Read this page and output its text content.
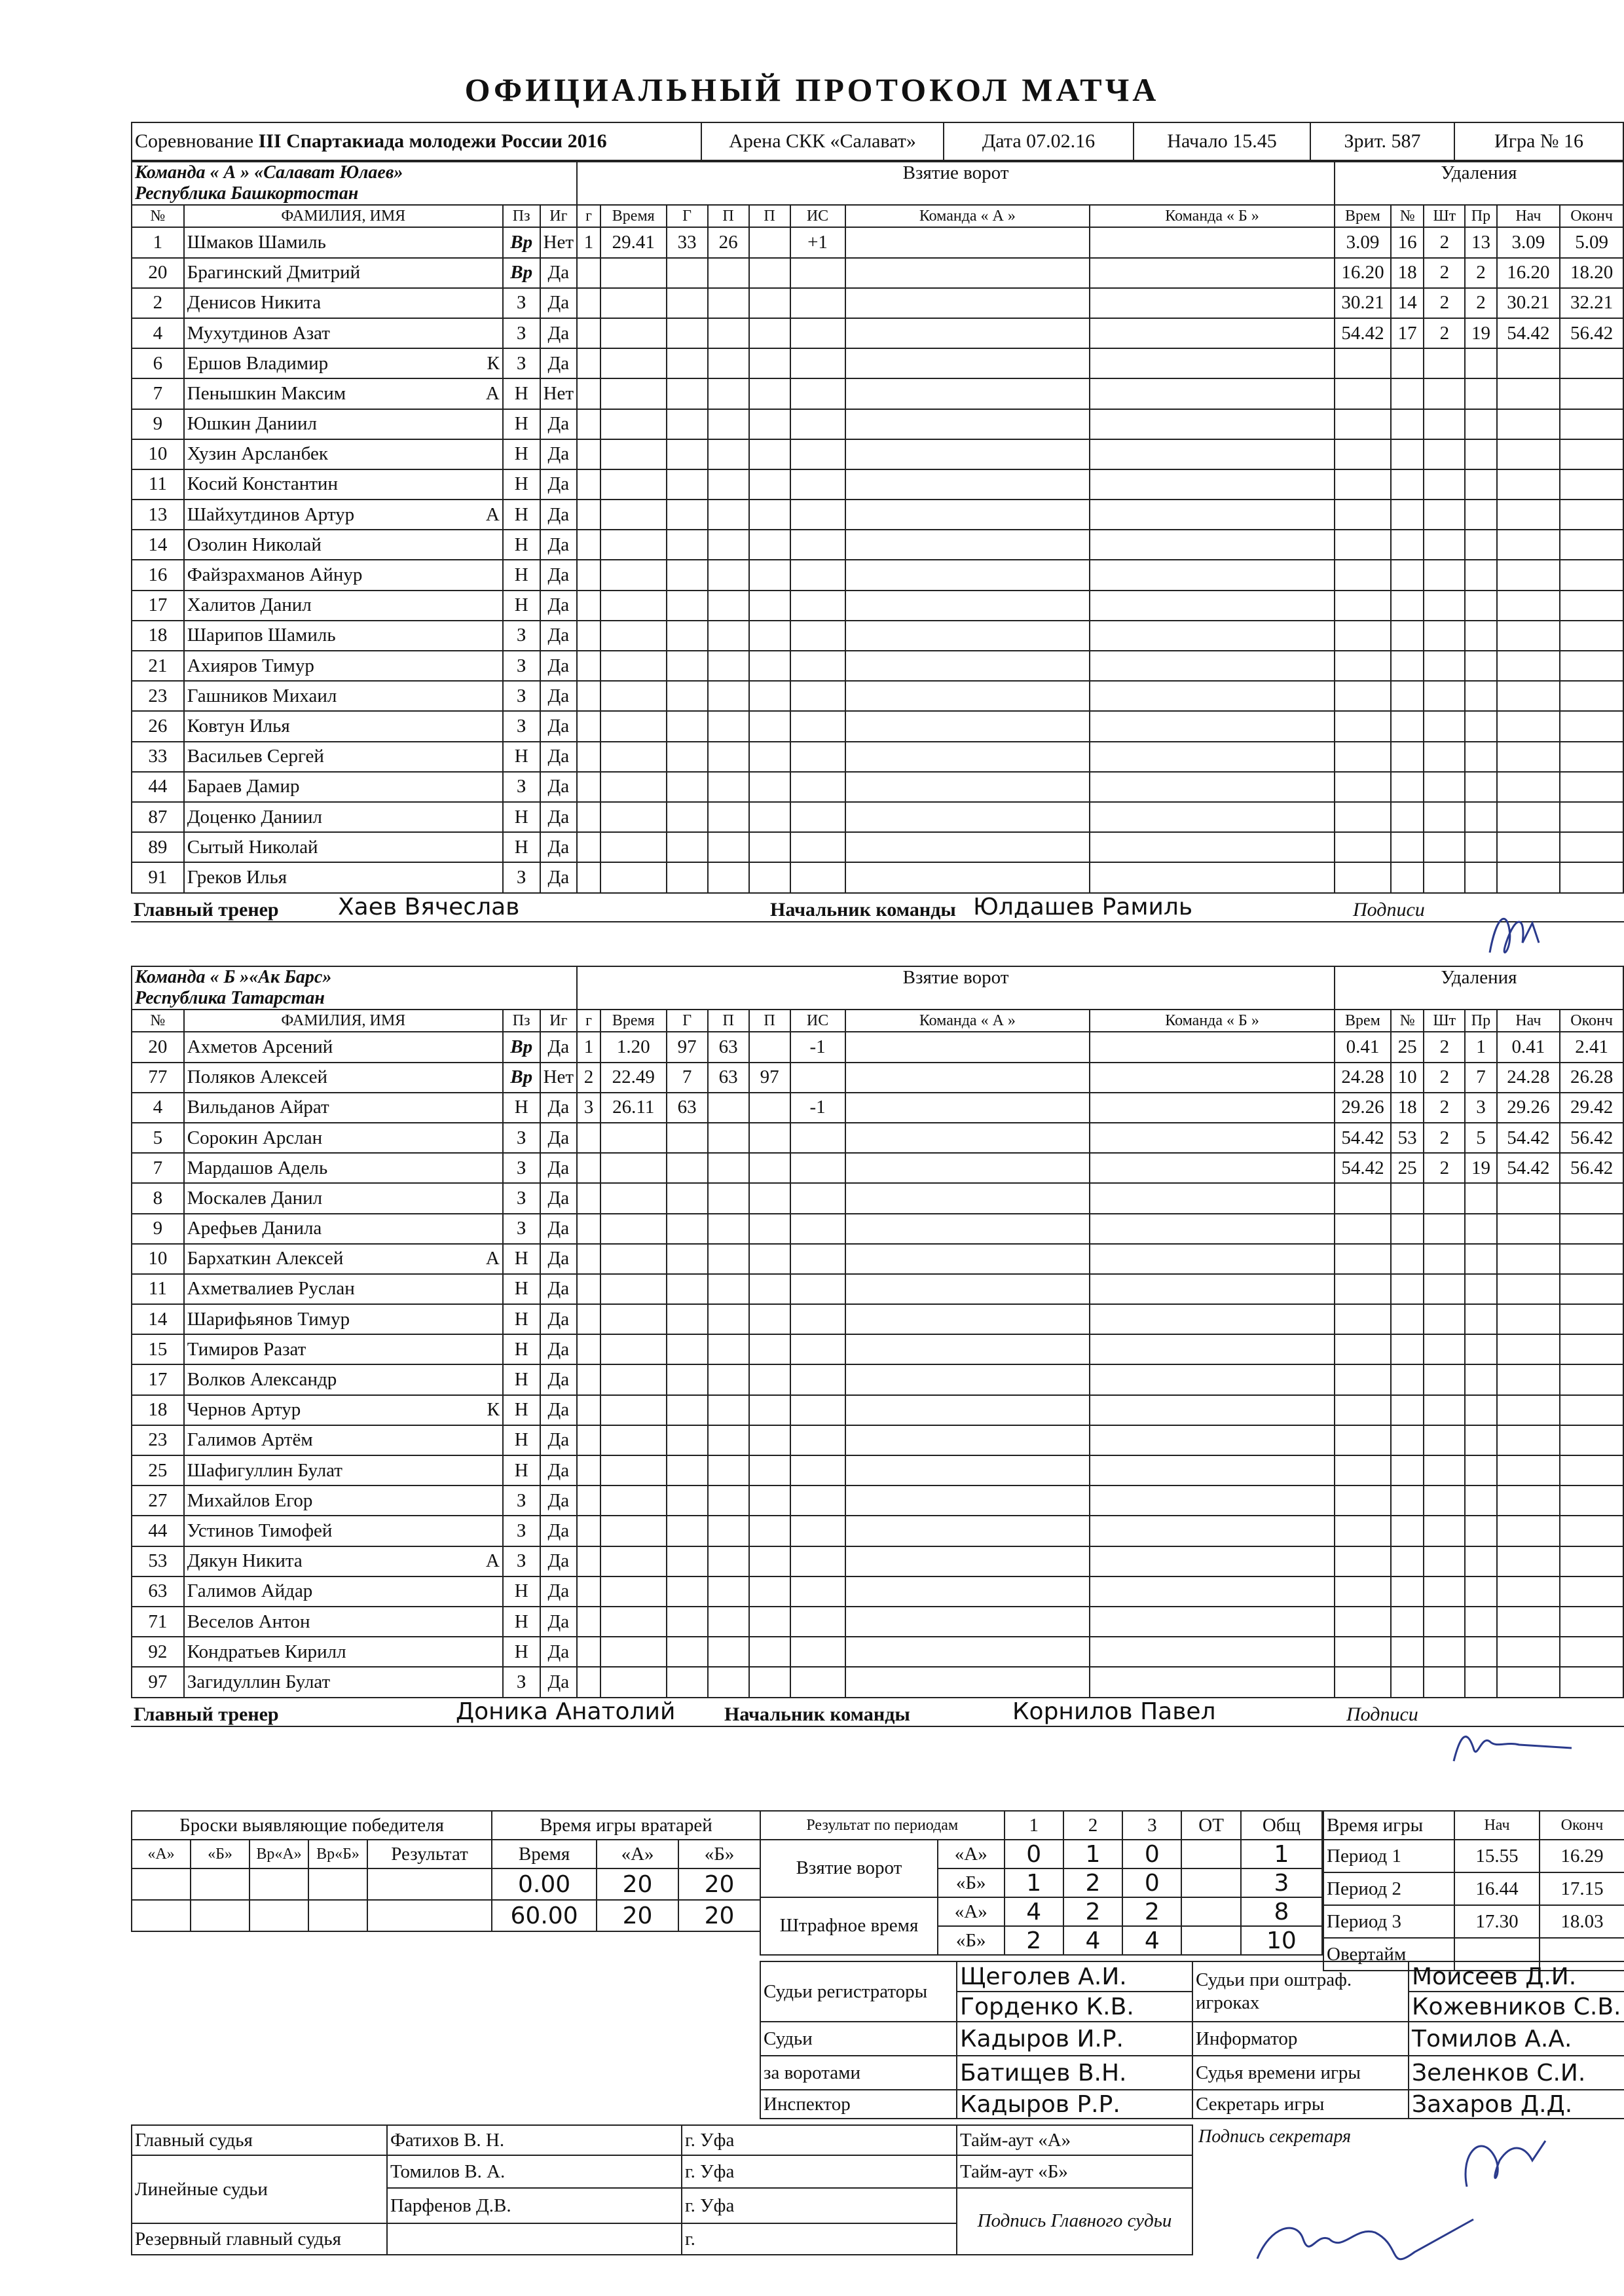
ОФИЦИАЛЬНЫЙ ПРОТОКОЛ МАТЧА
Соревнование III Спартакиада молодежи России 2016	Арена СКК «Салават»	Дата 07.02.16	Начало 15.45	Зрит. 587	Игра № 16
Команда « А » «Салават Юлаев»
Республика Башкортостан				Взятие ворот								Удаления					
№	ФАМИЛИЯ, ИМЯ	Пз	Иг	г	Время	Г	П	П	ИС	Команда « А »	Команда « Б »	Врем	№	Шт	Пр	Нач	Оконч
1	Шмаков Шамиль	Вр	Нет	1	29.41	33	26		+1			3.09	16	2	13	3.09	5.09
20	Брагинский Дмитрий	Вр	Да									16.20	18	2	2	16.20	18.20
2	Денисов Никита	З	Да									30.21	14	2	2	30.21	32.21
4	Мухутдинов Азат	З	Да									54.42	17	2	19	54.42	56.42
6	Ершов Владимир К	З	Да														
7	Пенышкин Максим А	Н	Нет														
9	Юшкин Даниил	Н	Да														
10	Хузин Арсланбек	Н	Да														
11	Косий Константин	Н	Да														
13	Шайхутдинов Артур А	Н	Да														
14	Озолин Николай	Н	Да														
16	Файзрахманов Айнур	Н	Да														
17	Халитов Данил	Н	Да														
18	Шарипов Шамиль	З	Да														
21	Ахияров Тимур	З	Да														
23	Гашников Михаил	З	Да														
26	Ковтун Илья	З	Да														
33	Васильев Сергей	Н	Да														
44	Бараев Дамир	З	Да														
87	Доценко Даниил	Н	Да														
89	Сытый Николай	Н	Да														
91	Греков Илья	З	Да														
Главный тренер	Хаев Вячеслав	Начальник команды Юлдашев Рамиль	Подписи
Команда « Б »«Ак Барс»
Республика Татарстан				Взятие ворот								Удаления					
№	ФАМИЛИЯ, ИМЯ	Пз	Иг	г	Время	Г	П	П	ИС	Команда « А »	Команда « Б »	Врем	№	Шт	Пр	Нач	Оконч
20	Ахметов Арсений	Вр	Да	1	1.20	97	63		-1			0.41	25	2	1	0.41	2.41
77	Поляков Алексей	Вр	Нет	2	22.49	7	63	97				24.28	10	2	7	24.28	26.28
4	Вильданов Айрат	Н	Да	3	26.11	63			-1			29.26	18	2	3	29.26	29.42
5	Сорокин Арслан	З	Да									54.42	53	2	5	54.42	56.42
7	Мардашов Адель	З	Да									54.42	25	2	19	54.42	56.42
8	Москалев Данил	З	Да														
9	Арефьев Данила	З	Да														
10	Бархаткин Алексей А	Н	Да														
11	Ахметвалиев Руслан	Н	Да														
14	Шарифьянов Тимур	Н	Да														
15	Тимиров Разат	Н	Да														
17	Волков Александр	Н	Да														
18	Чернов Артур К	Н	Да														
23	Галимов Артём	Н	Да														
25	Шафигуллин Булат	Н	Да														
27	Михайлов Егор	З	Да														
44	Устинов Тимофей	З	Да														
53	Дякун Никита А	З	Да														
63	Галимов Айдар	Н	Да														
71	Веселов Антон	Н	Да														
92	Кондратьев Кирилл	Н	Да														
97	Загидуллин Булат	З	Да														
Главный тренер	Доника Анатолий Начальник команды	Корнилов Павел	Подписи
Броски выявляющие победителя					Время игры вратарей		
«А»	«Б»	Вр«А»	Вр«Б»	Результат	Время	«А»	«Б»
					0.00	20	20
					60.00	20	20
Результат по периодам		1	2	3	ОТ	Общ
Взятие ворот	«А»	0	1	0		1
	«Б»	1	2	0		3
Штрафное время	«А»	4	2	2		8
	«Б»	2	4	4		10
Время игры	Нач	Оконч
Период 1	15.55	16.29
Период 2	16.44	17.15
Период 3	17.30	18.03
Овертайм		
Судьи регистраторы	Щеголев А.И.	Судьи при оштраф. игроках	Моисеев Д.И.
	Горденко К.В.		Кожевников С.В.
Судьи	Кадыров И.Р.	Информатор	Томилов А.А.
за воротами	Батищев В.Н.	Судья времени игры	Зеленков С.И.
Инспектор	Кадыров Р.Р.	Секретарь игры	Захаров Д.Д.
Главный судья	Фатихов В. Н.	г. Уфа	Тайм-аут «А»
Линейные судьи	Томилов В. А.	г. Уфа	Тайм-аут «Б»
	Парфенов Д.В.	г. Уфа	Подпись Главного судьи
Резервный главный судья		г.	
Подпись секретаря
